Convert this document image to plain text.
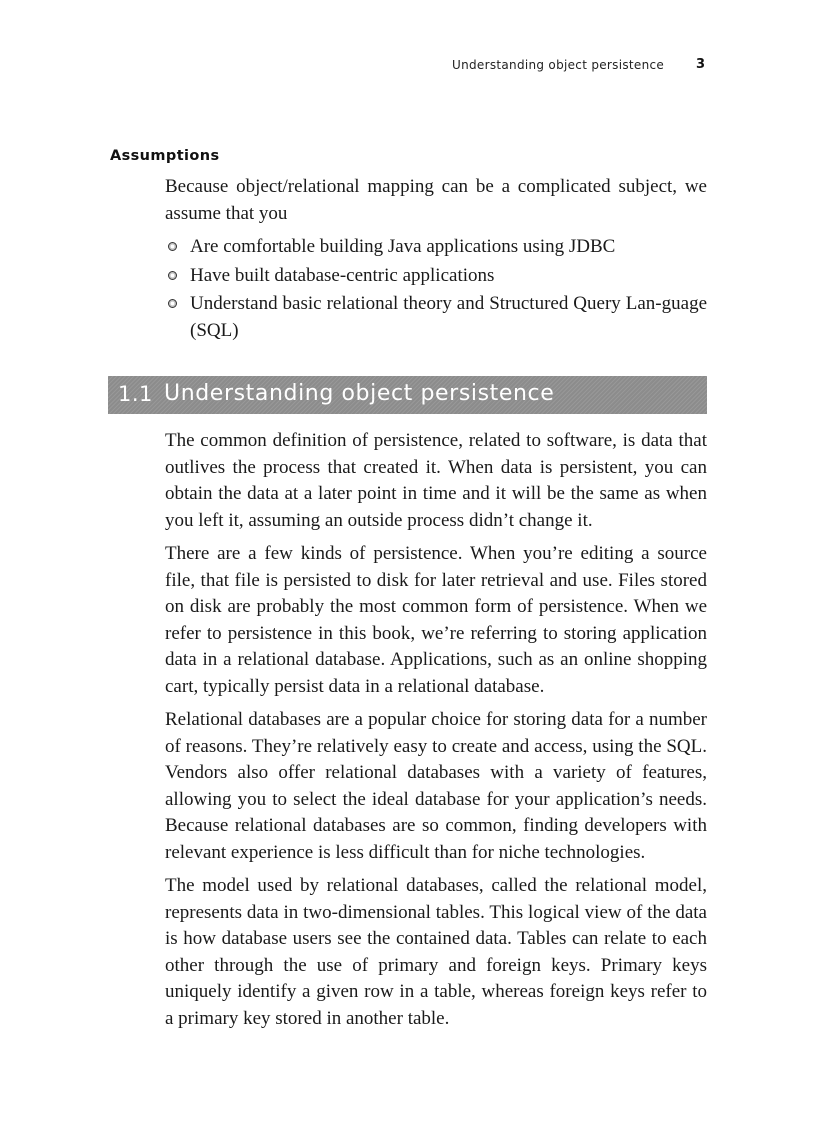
Understanding object persistence 3
Assumptions

Because object/relational mapping can be a complicated subject, we assume that you

Are comfortable building Java applications using JDBC
Have built database-centric applications
Understand basic relational theory and Structured Query Lan-guage (SQL)
1.1 Understanding object persistence

The common definition of persistence, related to software, is data that outlives the process that created it. When data is persistent, you can obtain the data at a later point in time and it will be the same as when you left it, assuming an outside process didn’t change it.

There are a few kinds of persistence. When you’re editing a source file, that file is persisted to disk for later retrieval and use. Files stored on disk are probably the most common form of persistence. When we refer to persistence in this book, we’re referring to storing application data in a relational database. Applications, such as an online shopping cart, typically persist data in a relational database.

Relational databases are a popular choice for storing data for a number of reasons. They’re relatively easy to create and access, using the SQL. Vendors also offer relational databases with a variety of features, allowing you to select the ideal database for your application’s needs. Because relational databases are so common, finding developers with relevant experience is less difficult than for niche technologies.

The model used by relational databases, called the relational model, represents data in two-dimensional tables. This logical view of the data is how database users see the contained data. Tables can relate to each other through the use of primary and foreign keys. Primary keys uniquely identify a given row in a table, whereas foreign keys refer to a primary key stored in another table.
